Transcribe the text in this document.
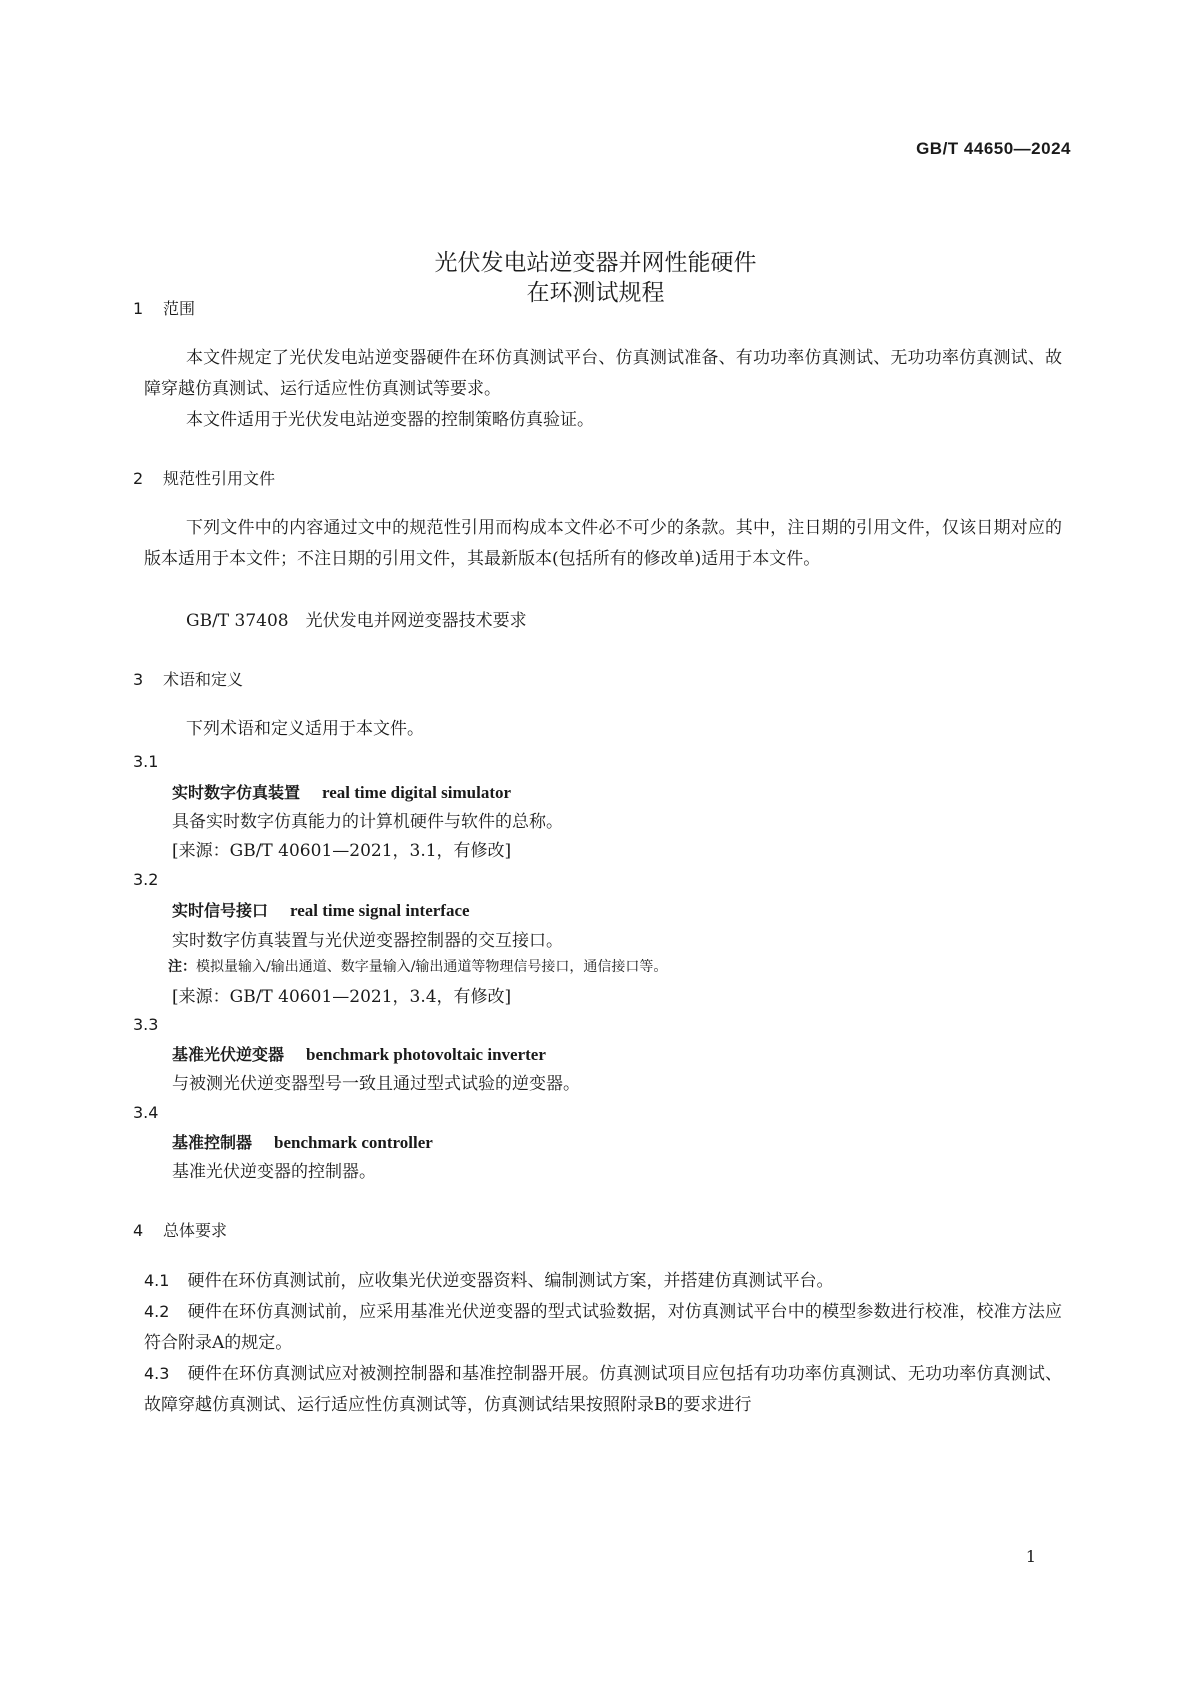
GB/T 44650—2024
光伏发电站逆变器并网性能硬件
在环测试规程
1 范围
本文件规定了光伏发电站逆变器硬件在环仿真测试平台、仿真测试准备、有功功率仿真测试、无功功率仿真测试、故障穿越仿真测试、运行适应性仿真测试等要求。
本文件适用于光伏发电站逆变器的控制策略仿真验证。
2 规范性引用文件
下列文件中的内容通过文中的规范性引用而构成本文件必不可少的条款。其中，注日期的引用文件，仅该日期对应的版本适用于本文件；不注日期的引用文件，其最新版本(包括所有的修改单)适用于本文件。
GB/T 37408　光伏发电并网逆变器技术要求
3 术语和定义
下列术语和定义适用于本文件。
3.1
实时数字仿真装置 real time digital simulator
具备实时数字仿真能力的计算机硬件与软件的总称。
[来源：GB/T 40601—2021，3.1，有修改]
3.2
实时信号接口 real time signal interface
实时数字仿真装置与光伏逆变器控制器的交互接口。
注：模拟量输入/输出通道、数字量输入/输出通道等物理信号接口，通信接口等。
[来源：GB/T 40601—2021，3.4，有修改]
3.3
基准光伏逆变器 benchmark photovoltaic inverter
与被测光伏逆变器型号一致且通过型式试验的逆变器。
3.4
基准控制器 benchmark controller
基准光伏逆变器的控制器。
4 总体要求
4.1 硬件在环仿真测试前，应收集光伏逆变器资料、编制测试方案，并搭建仿真测试平台。
4.2 硬件在环仿真测试前，应采用基准光伏逆变器的型式试验数据，对仿真测试平台中的模型参数进行校准，校准方法应符合附录A的规定。
4.3 硬件在环仿真测试应对被测控制器和基准控制器开展。仿真测试项目应包括有功功率仿真测试、无功功率仿真测试、故障穿越仿真测试、运行适应性仿真测试等，仿真测试结果按照附录B的要求进行
1
